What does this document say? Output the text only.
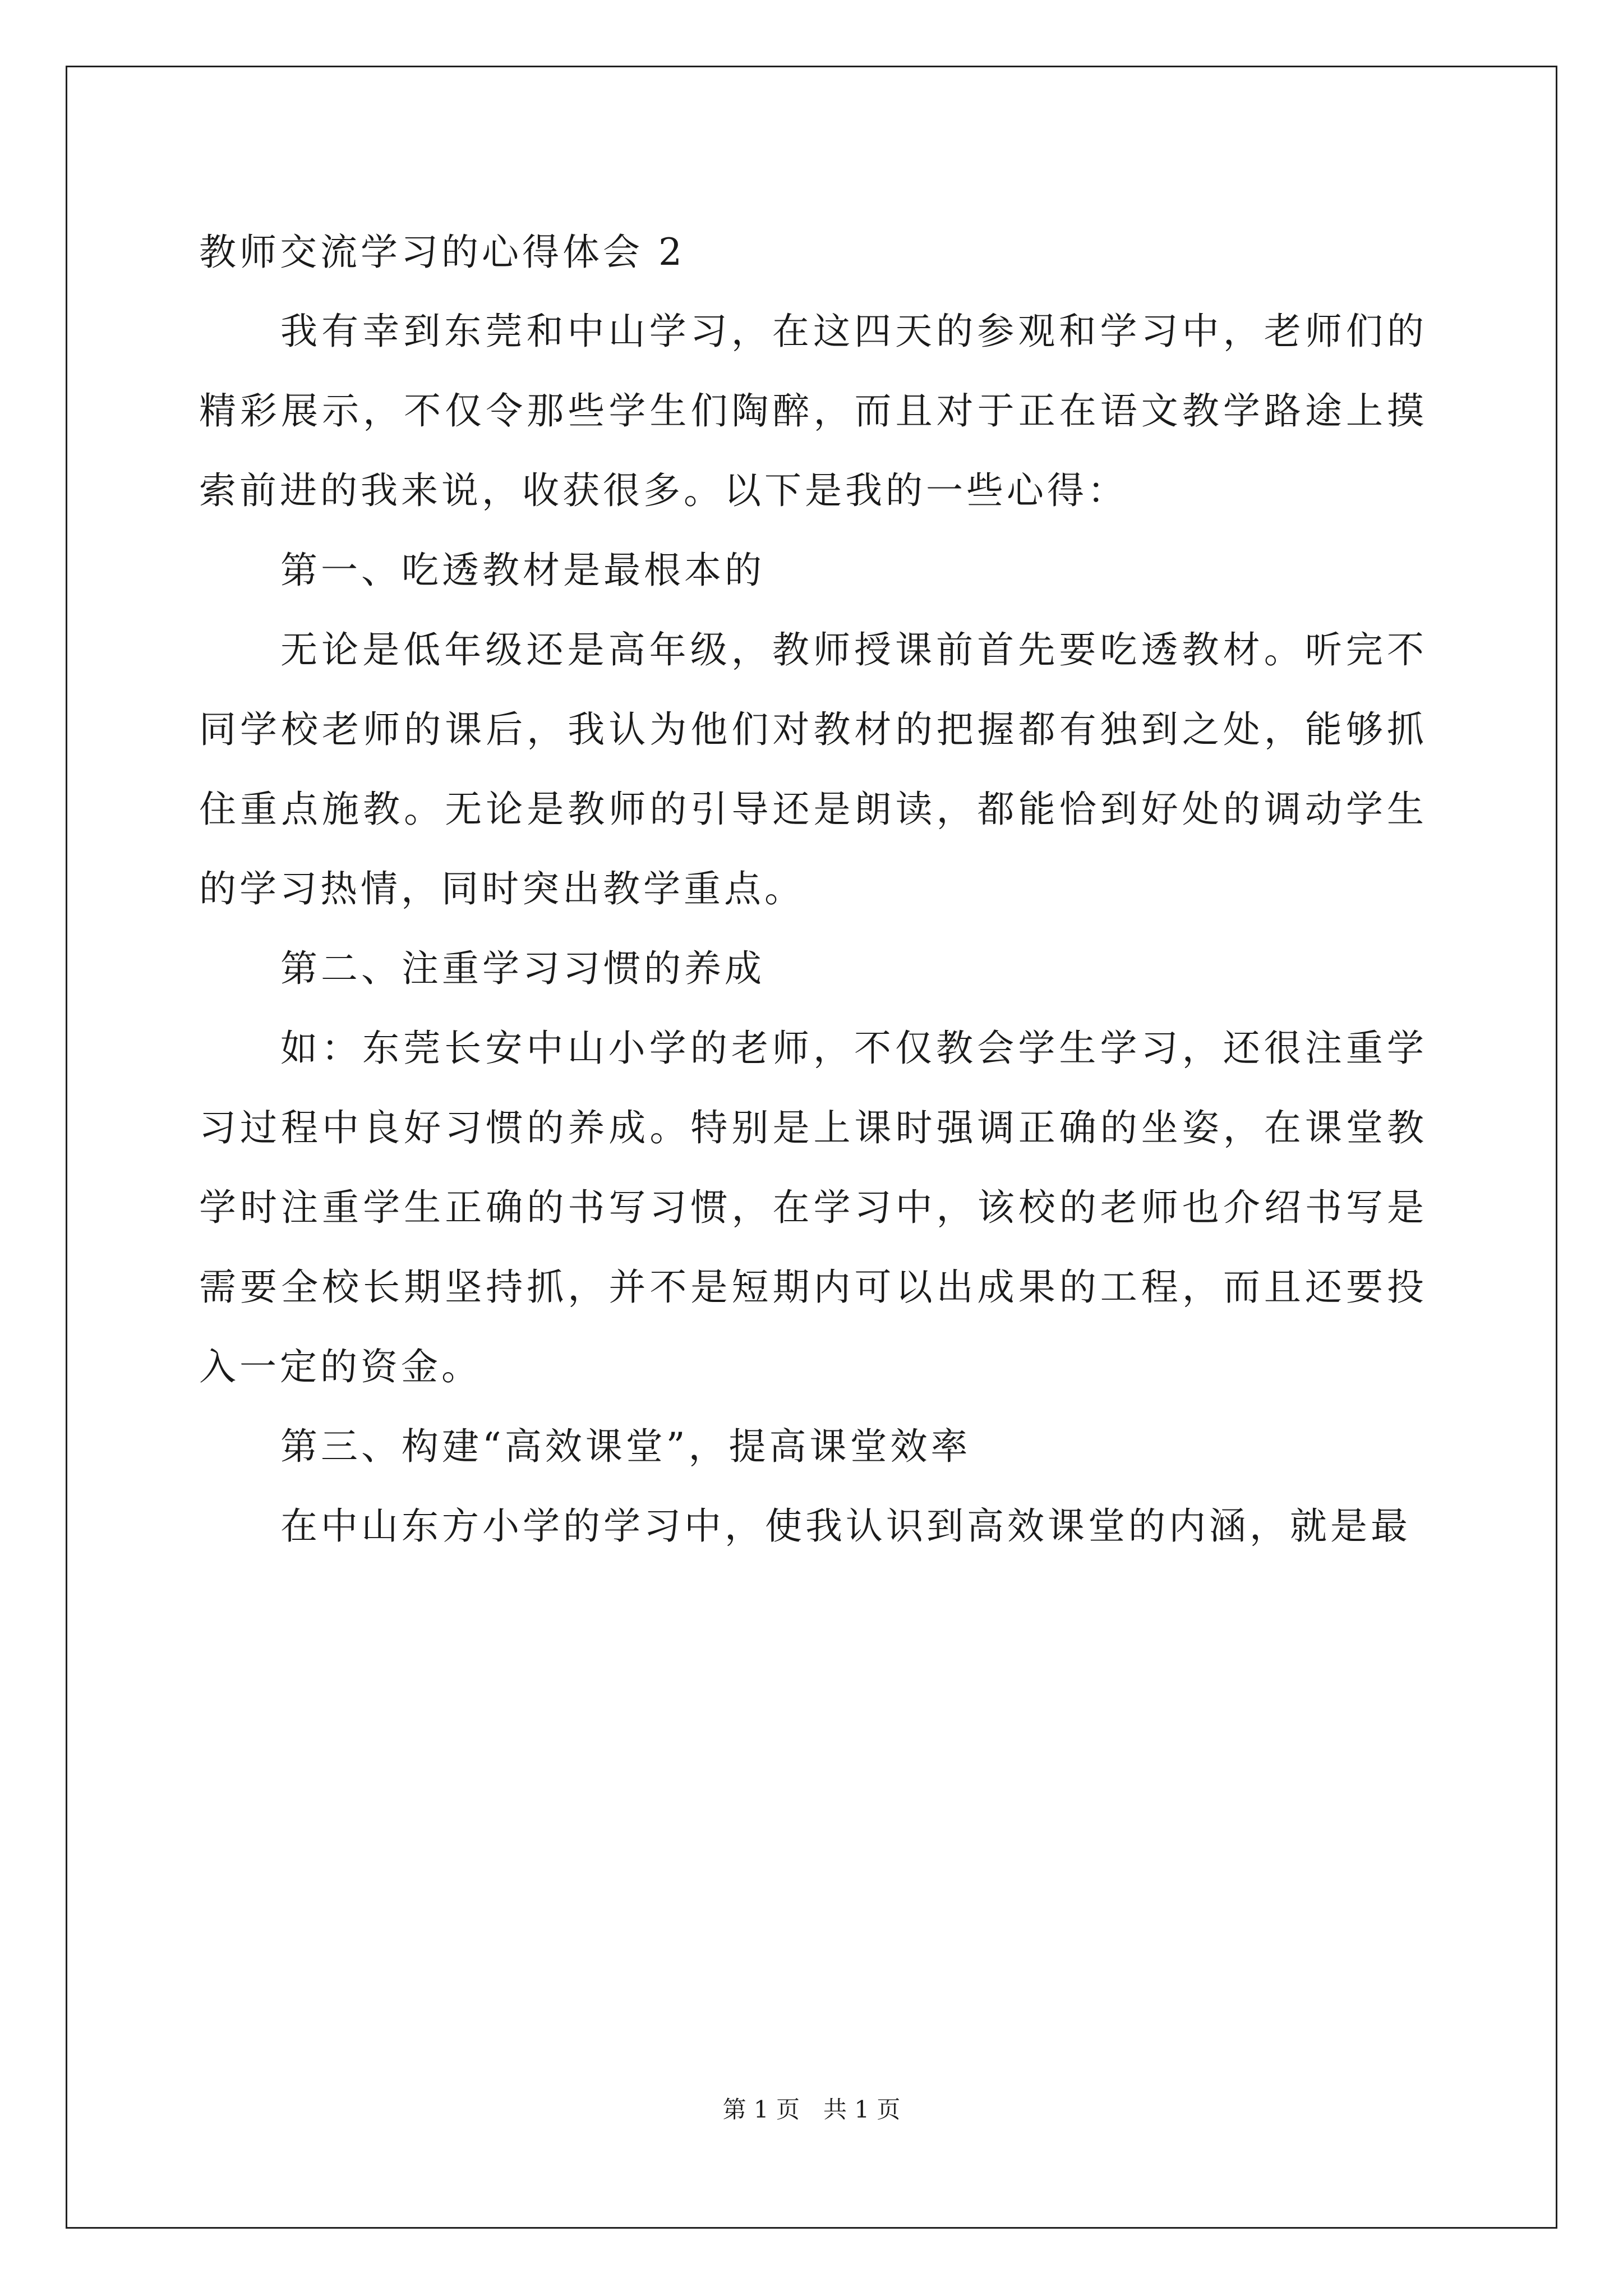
教师交流学习的心得体会 2

我有幸到东莞和中山学习，在这四天的参观和学习中，老师们的精彩展示，不仅令那些学生们陶醉，而且对于正在语文教学路途上摸索前进的我来说，收获很多。以下是我的一些心得：

第一、吃透教材是最根本的

无论是低年级还是高年级，教师授课前首先要吃透教材。听完不同学校老师的课后，我认为他们对教材的把握都有独到之处，能够抓住重点施教。无论是教师的引导还是朗读，都能恰到好处的调动学生的学习热情，同时突出教学重点。

第二、注重学习习惯的养成

如：东莞长安中山小学的老师，不仅教会学生学习，还很注重学习过程中良好习惯的养成。特别是上课时强调正确的坐姿，在课堂教学时注重学生正确的书写习惯，在学习中，该校的老师也介绍书写是需要全校长期坚持抓，并不是短期内可以出成果的工程，而且还要投入一定的资金。

第三、构建“高效课堂”，提高课堂效率

在中山东方小学的学习中，使我认识到高效课堂的内涵，就是最

第 1 页　共 1 页
